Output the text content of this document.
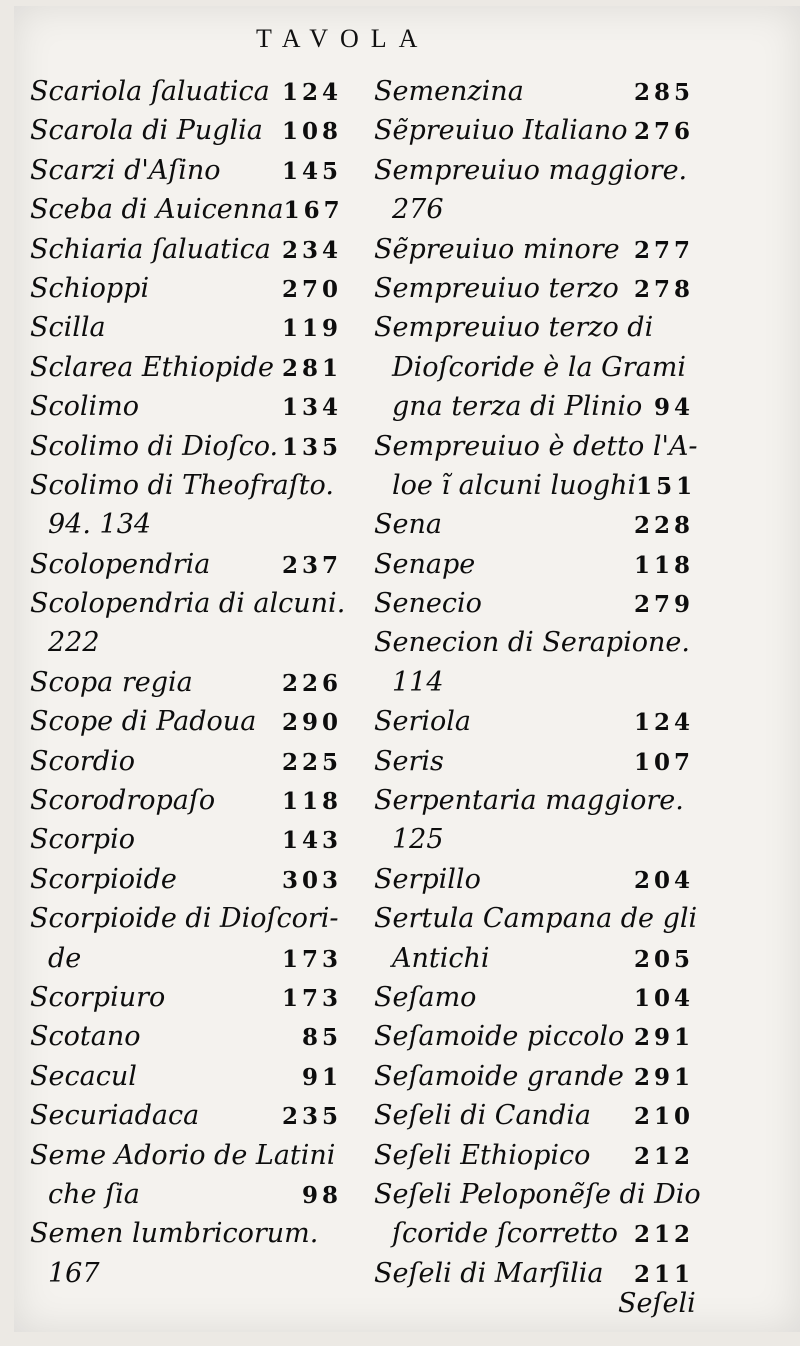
TAVOLA
Scariola ſaluatica 124
Scarola di Puglia 108
Scarzi d'Aſino	145
Sceba di Auicenna 167
Schiaria ſaluatica 234
Schioppi	270
Scilla	119
Sclarea Ethiopide 281
Scolimo	134
Scolimo di Dioſco. 135
Scolimo di Theofraſto.
94. 134
Scolopendria	237
Scolopendria di alcuni.
222
Scopa regia	226
Scope di Padoua 290
Scordio	225
Scorodropaſo	118
Scorpio	143
Scorpioide	303
Scorpioide di Dioſcori-
de	173
Scorpiuro	173
Scotano	85
Secacul	91
Securiadaca	235
Seme Adorio de Latini
che ſia	98
Semen lumbricorum.
167
Semenzina	285
Sẽpreuiuo Italiano 276
Sempreuiuo maggiore.
276
Sẽpreuiuo minore 277
Sempreuiuo terzo 278
Sempreuiuo terzo di
Dioſcoride è la Grami
gna terza di Plinio 94
Sempreuiuo è detto l'A-
loe ĩ alcuni luoghi 151
Sena	228
Senape	118
Senecio	279
Senecion di Serapione.
114
Seriola	124
Seris	107
Serpentaria maggiore.
125
Serpillo	204
Sertula Campana de gli
Antichi	205
Seſamo	104
Seſamoide piccolo 291
Seſamoide grande 291
Seſeli di Candia 210
Seſeli Ethiopico 212
Seſeli Peloponẽſe di Dio
ſcoride ſcorretto 212
Seſeli di Marſilia 211
Seſeli
